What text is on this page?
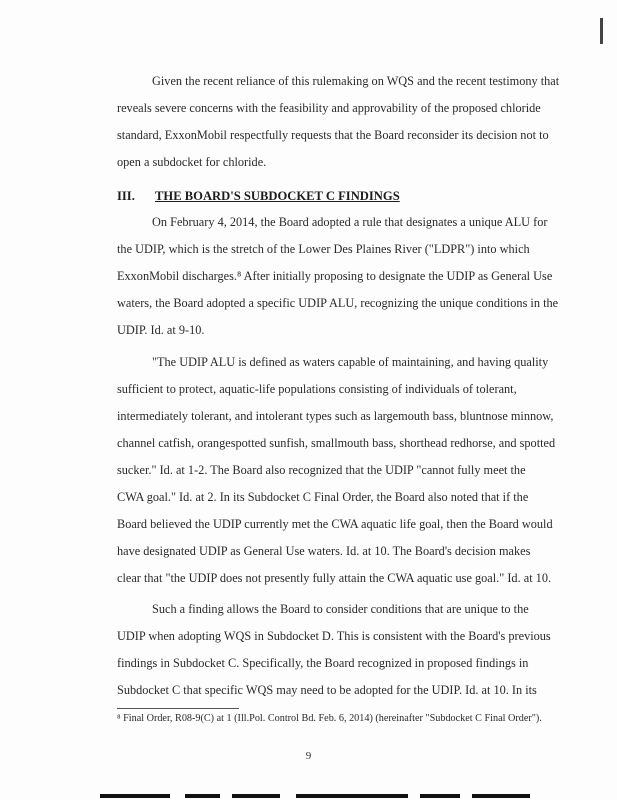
Given the recent reliance of this rulemaking on WQS and the recent testimony that
reveals severe concerns with the feasibility and approvability of the proposed chloride
standard, ExxonMobil respectfully requests that the Board reconsider its decision not to
open a subdocket for chloride.
III. THE BOARD'S SUBDOCKET C FINDINGS
On February 4, 2014, the Board adopted a rule that designates a unique ALU for
the UDIP, which is the stretch of the Lower Des Plaines River ("LDPR") into which
ExxonMobil discharges.⁸ After initially proposing to designate the UDIP as General Use
waters, the Board adopted a specific UDIP ALU, recognizing the unique conditions in the
UDIP. Id. at 9-10.
"The UDIP ALU is defined as waters capable of maintaining, and having quality
sufficient to protect, aquatic-life populations consisting of individuals of tolerant,
intermediately tolerant, and intolerant types such as largemouth bass, bluntnose minnow,
channel catfish, orangespotted sunfish, smallmouth bass, shorthead redhorse, and spotted
sucker." Id. at 1-2. The Board also recognized that the UDIP "cannot fully meet the
CWA goal." Id. at 2. In its Subdocket C Final Order, the Board also noted that if the
Board believed the UDIP currently met the CWA aquatic life goal, then the Board would
have designated UDIP as General Use waters. Id. at 10. The Board's decision makes
clear that "the UDIP does not presently fully attain the CWA aquatic use goal." Id. at 10.
Such a finding allows the Board to consider conditions that are unique to the
UDIP when adopting WQS in Subdocket D. This is consistent with the Board's previous
findings in Subdocket C. Specifically, the Board recognized in proposed findings in
Subdocket C that specific WQS may need to be adopted for the UDIP. Id. at 10. In its
⁸ Final Order, R08-9(C) at 1 (Ill.Pol. Control Bd. Feb. 6, 2014) (hereinafter "Subdocket C Final Order").
9
